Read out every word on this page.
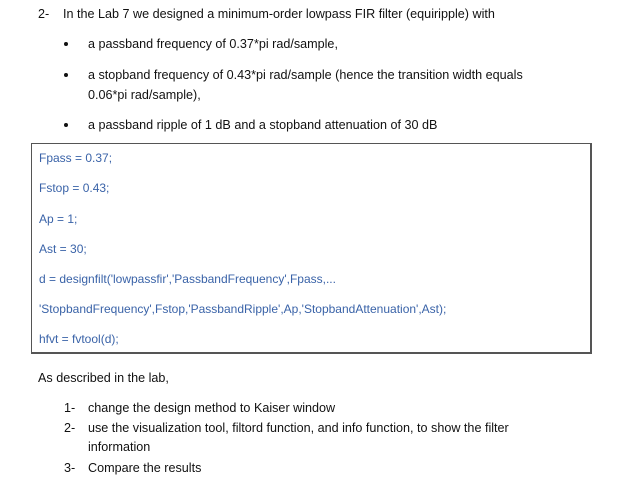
2- In the Lab 7 we designed a minimum-order lowpass FIR filter (equiripple) with
a passband frequency of 0.37*pi rad/sample,
a stopband frequency of 0.43*pi rad/sample (hence the transition width equals
0.06*pi rad/sample),
a passband ripple of 1 dB and a stopband attenuation of 30 dB
Fpass = 0.37;
Fstop = 0.43;
Ap = 1;
Ast = 30;
d = designfilt('lowpassfir','PassbandFrequency',Fpass,...
'StopbandFrequency',Fstop,'PassbandRipple',Ap,'StopbandAttenuation',Ast);
hfvt = fvtool(d);
As described in the lab,
1- change the design method to Kaiser window
2- use the visualization tool, filtord function, and info function, to show the filter
information
3- Compare the results
